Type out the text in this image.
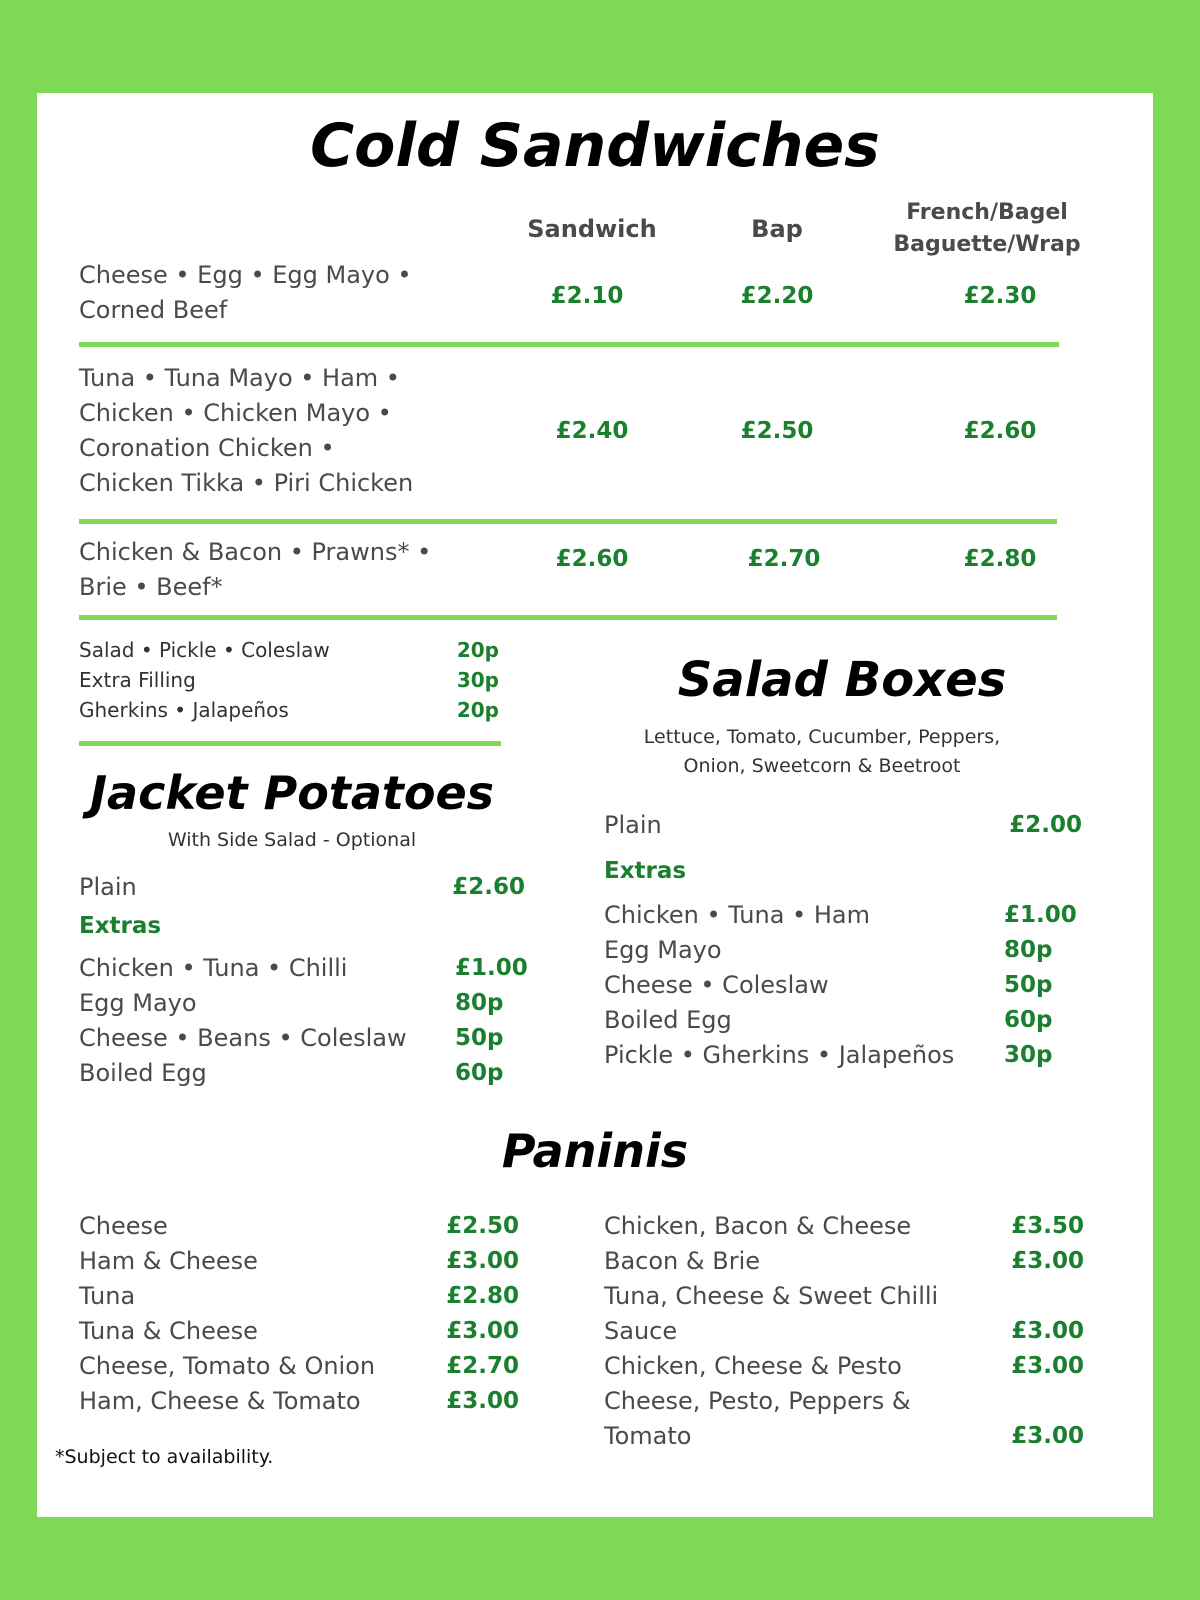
Cold Sandwiches
Sandwich	Bap
French/Bagel
Baguette/Wrap
Cheese • Egg • Egg Mayo •
Corned Beef	£2.10	£2.20	£2.30
Tuna • Tuna Mayo • Ham •
Chicken • Chicken Mayo •
Coronation Chicken •
Chicken Tikka • Piri Chicken
£2.40	£2.50	£2.60
Chicken & Bacon • Prawns* •
Brie • Beef*
£2.60	£2.70	£2.80
Salad • Pickle • Coleslaw	20p
Extra Filling	30p
Gherkins • Jalapeños	20p
Salad Boxes
Lettuce, Tomato, Cucumber, Peppers,
Onion, Sweetcorn & Beetroot
Plain	£2.00
Extras
Chicken • Tuna • Ham	£1.00
Egg Mayo	80p
Cheese • Coleslaw	50p
Boiled Egg	60p
Pickle • Gherkins • Jalapeños 30p
Jacket Potatoes
With Side Salad - Optional
Plain	£2.60
Extras
Chicken • Tuna • Chilli	£1.00
Egg Mayo	80p
Cheese • Beans • Coleslaw 50p
Boiled Egg	60p
Paninis
Cheese	£2.50
Ham & Cheese	£3.00
Tuna	£2.80
Tuna & Cheese	£3.00
Cheese, Tomato & Onion	£2.70
Ham, Cheese & Tomato	£3.00
Chicken, Bacon & Cheese	£3.50
Bacon & Brie	£3.00
Tuna, Cheese & Sweet Chilli
Sauce	£3.00
Chicken, Cheese & Pesto	£3.00
Cheese, Pesto, Peppers &
Tomato	£3.00
*Subject to availability.
